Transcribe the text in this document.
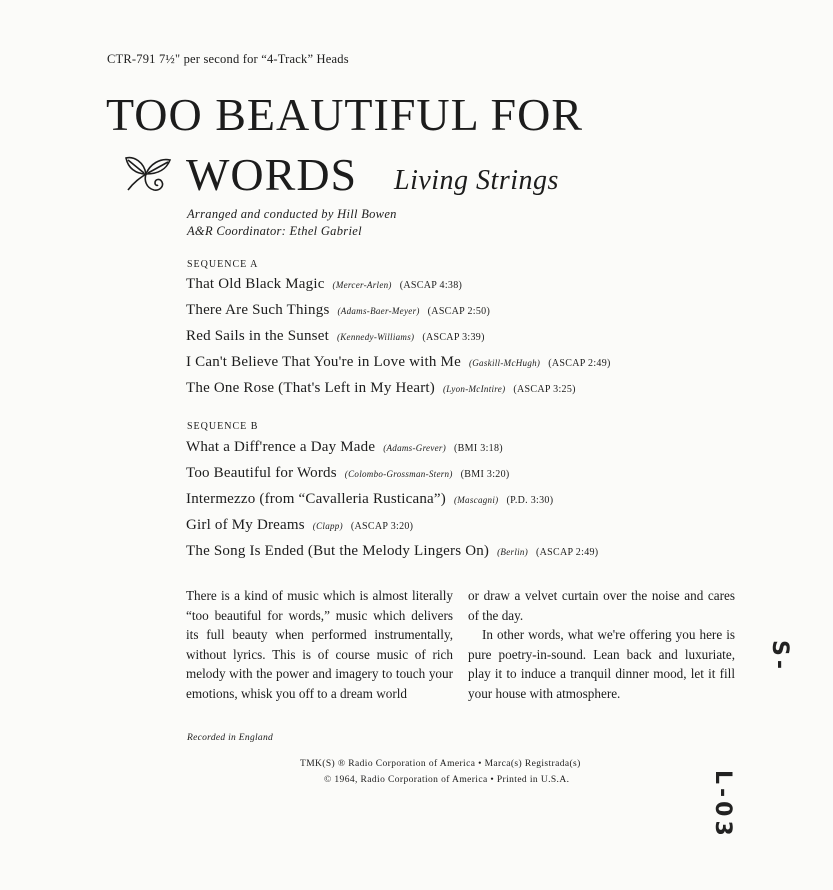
CTR-791 7½" per second for “4-Track” Heads
TOO BEAUTIFUL FOR
WORDS Living Strings
Arranged and conducted by Hill Bowen
A&R Coordinator: Ethel Gabriel
SEQUENCE A
That Old Black Magic (Mercer-Arlen) (ASCAP 4:38)
There Are Such Things (Adams-Baer-Meyer) (ASCAP 2:50)
Red Sails in the Sunset (Kennedy-Williams) (ASCAP 3:39)
I Can't Believe That You're in Love with Me (Gaskill-McHugh) (ASCAP 2:49)
The One Rose (That's Left in My Heart) (Lyon-McIntire) (ASCAP 3:25)
SEQUENCE B
What a Diff'rence a Day Made (Adams-Grever) (BMI 3:18)
Too Beautiful for Words (Colombo-Grossman-Stern) (BMI 3:20)
Intermezzo (from “Cavalleria Rusticana”) (Mascagni) (P.D. 3:30)
Girl of My Dreams (Clapp) (ASCAP 3:20)
The Song Is Ended (But the Melody Lingers On) (Berlin) (ASCAP 2:49)

There is a kind of music which is almost literally “too beautiful for words,” music which delivers its full beauty when performed instrumentally, without lyrics. This is of course music of rich melody with the power and imagery to touch your emotions, whisk you off to a dream world

or draw a velvet curtain over the noise and cares of the day.

In other words, what we're offering you here is pure poetry-in-sound. Lean back and luxuriate, play it to induce a tranquil dinner mood, let it fill your house with atmosphere.

Recorded in England
TMK(S) ® Radio Corporation of America • Marca(s) Registrada(s)
© 1964, Radio Corporation of America • Printed in U.S.A.
S-
L-03
